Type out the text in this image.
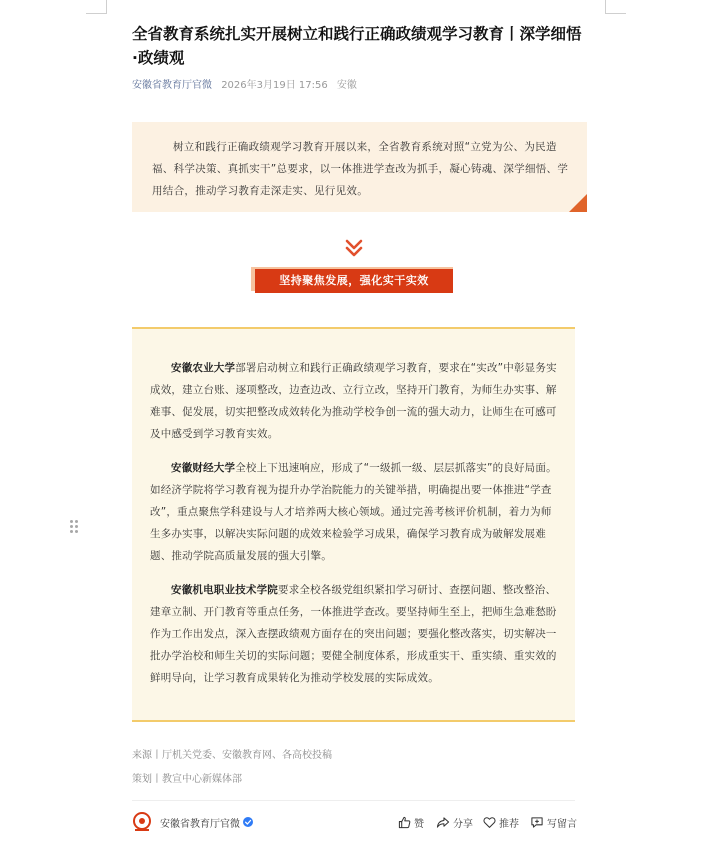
全省教育系统扎实开展树立和践行正确政绩观学习教育丨深学细悟·政绩观
安徽省教育厅官微 2026年3月19日 17:56 安徽
树立和践行正确政绩观学习教育开展以来，全省教育系统对照“立党为公、为民造福、科学决策、真抓实干”总要求，以一体推进学查改为抓手，凝心铸魂、深学细悟、学用结合，推动学习教育走深走实、见行见效。
坚持聚焦发展，强化实干实效

安徽农业大学部署启动树立和践行正确政绩观学习教育，要求在“实改”中彰显务实成效，建立台账、逐项整改，边查边改、立行立改，坚持开门教育，为师生办实事、解难事、促发展，切实把整改成效转化为推动学校争创一流的强大动力，让师生在可感可及中感受到学习教育实效。

安徽财经大学全校上下迅速响应，形成了“一级抓一级、层层抓落实”的良好局面。如经济学院将学习教育视为提升办学治院能力的关键举措，明确提出要一体推进“学查改”，重点聚焦学科建设与人才培养两大核心领域。通过完善考核评价机制，着力为师生多办实事，以解决实际问题的成效来检验学习成果，确保学习教育成为破解发展难题、推动学院高质量发展的强大引擎。

安徽机电职业技术学院要求全校各级党组织紧扣学习研讨、查摆问题、整改整治、建章立制、开门教育等重点任务，一体推进学查改。要坚持师生至上，把师生急难愁盼作为工作出发点，深入查摆政绩观方面存在的突出问题；要强化整改落实，切实解决一批办学治校和师生关切的实际问题；要健全制度体系，形成重实干、重实绩、重实效的鲜明导向，让学习教育成果转化为推动学校发展的实际成效。

来源丨厅机关党委、安徽教育网、各高校投稿
策划丨教宣中心新媒体部
安徽省教育厅官微	赞	分享	推荐	写留言
